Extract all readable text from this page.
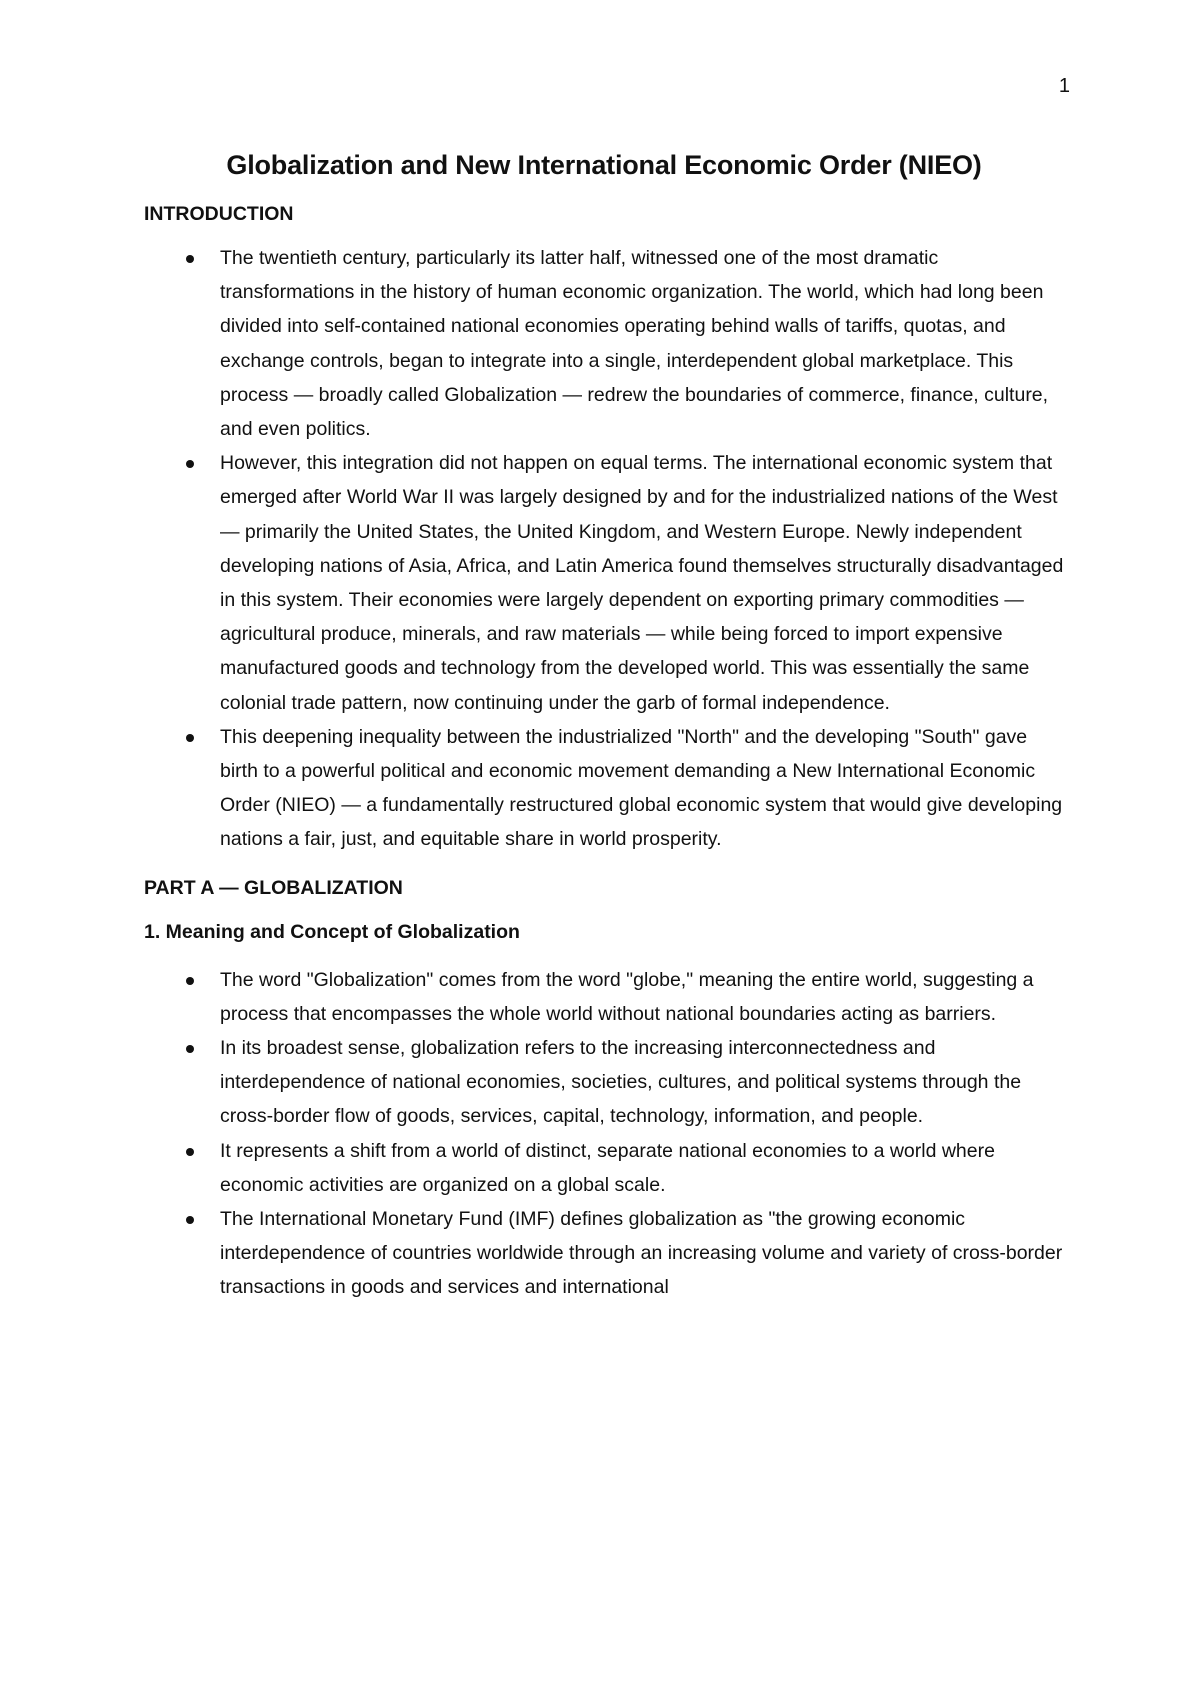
1
Globalization and New International Economic Order (NIEO)
INTRODUCTION
The twentieth century, particularly its latter half, witnessed one of the most dramatic transformations in the history of human economic organization. The world, which had long been divided into self-contained national economies operating behind walls of tariffs, quotas, and exchange controls, began to integrate into a single, interdependent global marketplace. This process — broadly called Globalization — redrew the boundaries of commerce, finance, culture, and even politics.
However, this integration did not happen on equal terms. The international economic system that emerged after World War II was largely designed by and for the industrialized nations of the West — primarily the United States, the United Kingdom, and Western Europe. Newly independent developing nations of Asia, Africa, and Latin America found themselves structurally disadvantaged in this system. Their economies were largely dependent on exporting primary commodities — agricultural produce, minerals, and raw materials — while being forced to import expensive manufactured goods and technology from the developed world. This was essentially the same colonial trade pattern, now continuing under the garb of formal independence.
This deepening inequality between the industrialized "North" and the developing "South" gave birth to a powerful political and economic movement demanding a New International Economic Order (NIEO) — a fundamentally restructured global economic system that would give developing nations a fair, just, and equitable share in world prosperity.
PART A — GLOBALIZATION
1. Meaning and Concept of Globalization
The word "Globalization" comes from the word "globe," meaning the entire world, suggesting a process that encompasses the whole world without national boundaries acting as barriers.
In its broadest sense, globalization refers to the increasing interconnectedness and interdependence of national economies, societies, cultures, and political systems through the cross-border flow of goods, services, capital, technology, information, and people.
It represents a shift from a world of distinct, separate national economies to a world where economic activities are organized on a global scale.
The International Monetary Fund (IMF) defines globalization as "the growing economic interdependence of countries worldwide through an increasing volume and variety of cross-border transactions in goods and services and international
